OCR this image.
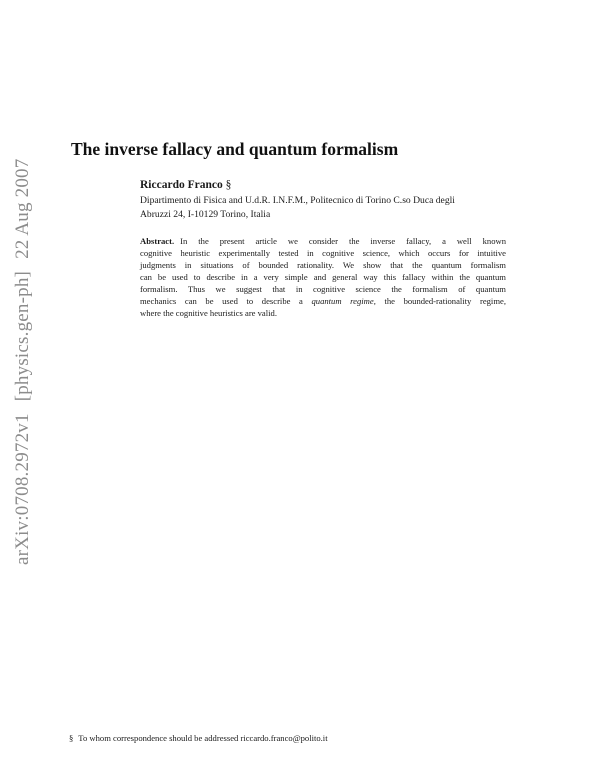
arXiv:0708.2972v1[physics.gen-ph]22 Aug 2007
The inverse fallacy and quantum formalism
Riccardo Franco §
Dipartimento di Fisica and U.d.R. I.N.F.M., Politecnico di Torino C.so Duca degli
Abruzzi 24, I-10129 Torino, Italia
Abstract. In the present article we consider the inverse fallacy, a well known
cognitive heuristic experimentally tested in cognitive science, which occurs for intuitive
judgments in situations of bounded rationality. We show that the quantum formalism
can be used to describe in a very simple and general way this fallacy within the quantum
formalism. Thus we suggest that in cognitive science the formalism of quantum
mechanics can be used to describe a quantum regime, the bounded-rationality regime,
where the cognitive heuristics are valid.
§ To whom correspondence should be addressed riccardo.franco@polito.it
